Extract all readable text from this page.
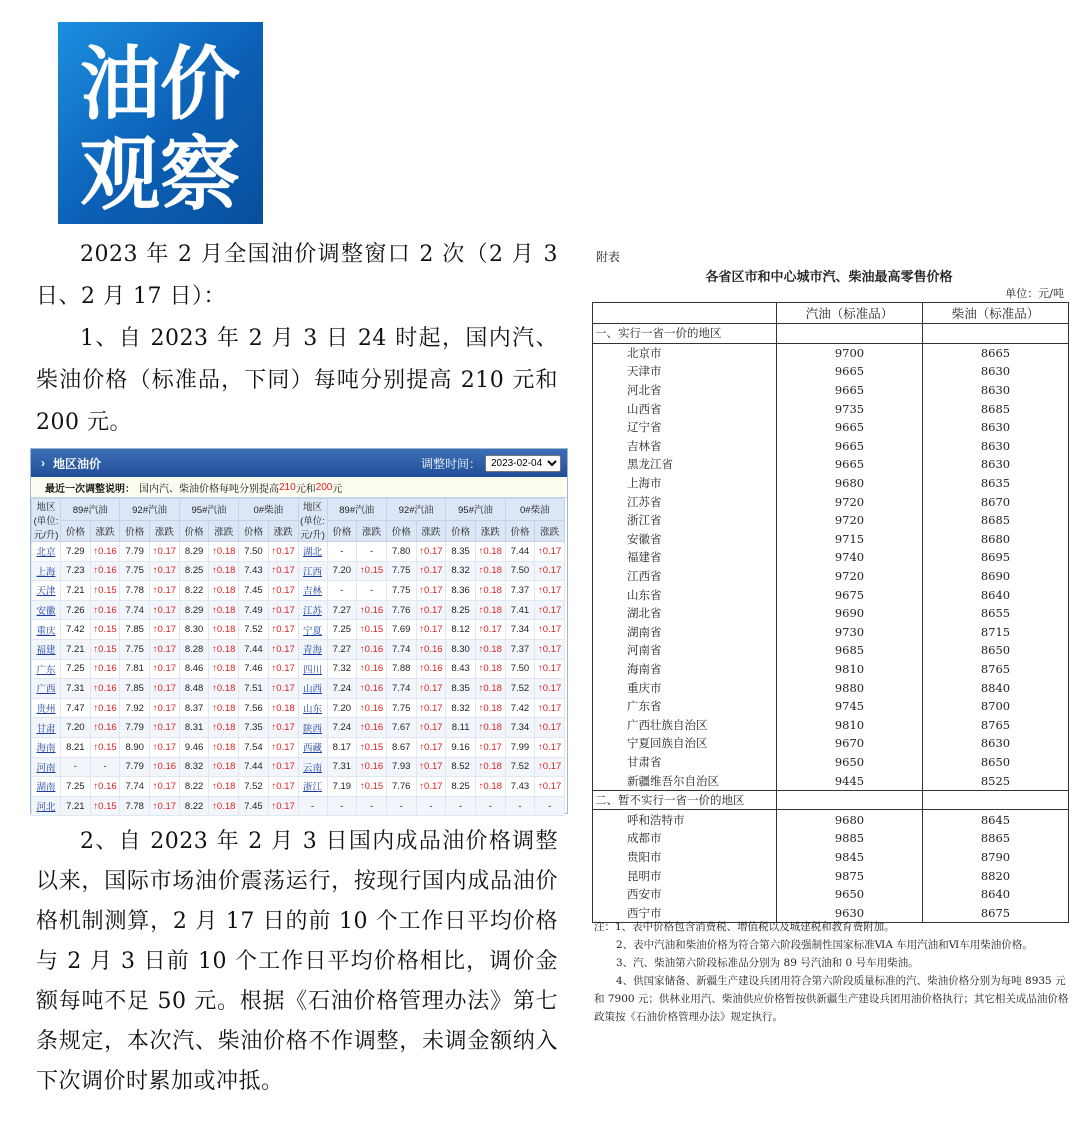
油价
观察
2023 年 2 月全国油价调整窗口 2 次（2 月 3 日、2 月 17 日）：
1、自 2023 年 2 月 3 日 24 时起，国内汽、柴油价格（标准品，下同）每吨分别提高 210 元和 200 元。
› 地区油价	调整时间：
2023-02-04
最近一次调整说明： 国内汽、柴油价格每吨分别提高 210 元和 200 元
地区(单位:元/升)	89#汽油		92#汽油		95#汽油		0#柴油		地区(单位:元/升)	89#汽油		92#汽油		95#汽油		0#柴油	
	价格	涨跌	价格	涨跌	价格	涨跌	价格	涨跌		价格	涨跌	价格	涨跌	价格	涨跌	价格	涨跌
北京	7.29	↑0.16	7.79	↑0.17	8.29	↑0.18	7.50	↑0.17	湖北	-	-	7.80	↑0.17	8.35	↑0.18	7.44	↑0.17
上海	7.23	↑0.16	7.75	↑0.17	8.25	↑0.18	7.43	↑0.17	江西	7.20	↑0.15	7.75	↑0.17	8.32	↑0.18	7.50	↑0.17
天津	7.21	↑0.15	7.78	↑0.17	8.22	↑0.18	7.45	↑0.17	吉林	-	-	7.75	↑0.17	8.36	↑0.18	7.37	↑0.17
安徽	7.26	↑0.16	7.74	↑0.17	8.29	↑0.18	7.49	↑0.17	江苏	7.27	↑0.16	7.76	↑0.17	8.25	↑0.18	7.41	↑0.17
重庆	7.42	↑0.15	7.85	↑0.17	8.30	↑0.18	7.52	↑0.17	宁夏	7.25	↑0.15	7.69	↑0.17	8.12	↑0.17	7.34	↑0.17
福建	7.21	↑0.15	7.75	↑0.17	8.28	↑0.18	7.44	↑0.17	青海	7.27	↑0.16	7.74	↑0.16	8.30	↑0.18	7.37	↑0.17
广东	7.25	↑0.16	7.81	↑0.17	8.46	↑0.18	7.46	↑0.17	四川	7.32	↑0.16	7.88	↑0.16	8.43	↑0.18	7.50	↑0.17
广西	7.31	↑0.16	7.85	↑0.17	8.48	↑0.18	7.51	↑0.17	山西	7.24	↑0.16	7.74	↑0.17	8.35	↑0.18	7.52	↑0.17
贵州	7.47	↑0.16	7.92	↑0.17	8.37	↑0.18	7.56	↑0.18	山东	7.20	↑0.16	7.75	↑0.17	8.32	↑0.18	7.42	↑0.17
甘肃	7.20	↑0.16	7.79	↑0.17	8.31	↑0.18	7.35	↑0.17	陕西	7.24	↑0.16	7.67	↑0.17	8.11	↑0.18	7.34	↑0.17
海南	8.21	↑0.15	8.90	↑0.17	9.46	↑0.18	7.54	↑0.17	西藏	8.17	↑0.15	8.67	↑0.17	9.16	↑0.17	7.99	↑0.17
河南	-	-	7.79	↑0.16	8.32	↑0.18	7.44	↑0.17	云南	7.31	↑0.16	7.93	↑0.17	8.52	↑0.18	7.52	↑0.17
湖南	7.25	↑0.16	7.74	↑0.17	8.22	↑0.18	7.52	↑0.17	浙江	7.19	↑0.15	7.76	↑0.17	8.25	↑0.18	7.43	↑0.17
河北	7.21	↑0.15	7.78	↑0.17	8.22	↑0.18	7.45	↑0.17	-	-	-	-	-	-	-	-	-
2、自 2023 年 2 月 3 日国内成品油价格调整以来，国际市场油价震荡运行，按现行国内成品油价格机制测算，2 月 17 日的前 10 个工作日平均价格与 2 月 3 日前 10 个工作日平均价格相比，调价金额每吨不足 50 元。根据《石油价格管理办法》第七条规定，本次汽、柴油价格不作调整，未调金额纳入下次调价时累加或冲抵。
附表
各省区市和中心城市汽、柴油最高零售价格
单位：元/吨
	汽油（标准品）	柴油（标准品）
一、实行一省一价的地区		
北京市	9700	8665
天津市	9665	8630
河北省	9665	8630
山西省	9735	8685
辽宁省	9665	8630
吉林省	9665	8630
黑龙江省	9665	8630
上海市	9680	8635
江苏省	9720	8670
浙江省	9720	8685
安徽省	9715	8680
福建省	9740	8695
江西省	9720	8690
山东省	9675	8640
湖北省	9690	8655
湖南省	9730	8715
河南省	9685	8650
海南省	9810	8765
重庆市	9880	8840
广东省	9745	8700
广西壮族自治区	9810	8765
宁夏回族自治区	9670	8630
甘肃省	9650	8650
新疆维吾尔自治区	9445	8525
二、暂不实行一省一价的地区		
呼和浩特市	9680	8645
成都市	9885	8865
贵阳市	9845	8790
昆明市	9875	8820
西安市	9650	8640
西宁市	9630	8675

注：1、表中价格包含消费税、增值税以及城建税和教育费附加。

2、表中汽油和柴油价格为符合第六阶段强制性国家标准ⅥA 车用汽油和Ⅵ车用柴油价格。

3、汽、柴油第六阶段标准品分别为 89 号汽油和 0 号车用柴油。

4、供国家储备、新疆生产建设兵团用符合第六阶段质量标准的汽、柴油价格分别为每吨 8935 元和 7900 元；供林业用汽、柴油供应价格暂按供新疆生产建设兵团用油价格执行；其它相关成品油价格政策按《石油价格管理办法》规定执行。
